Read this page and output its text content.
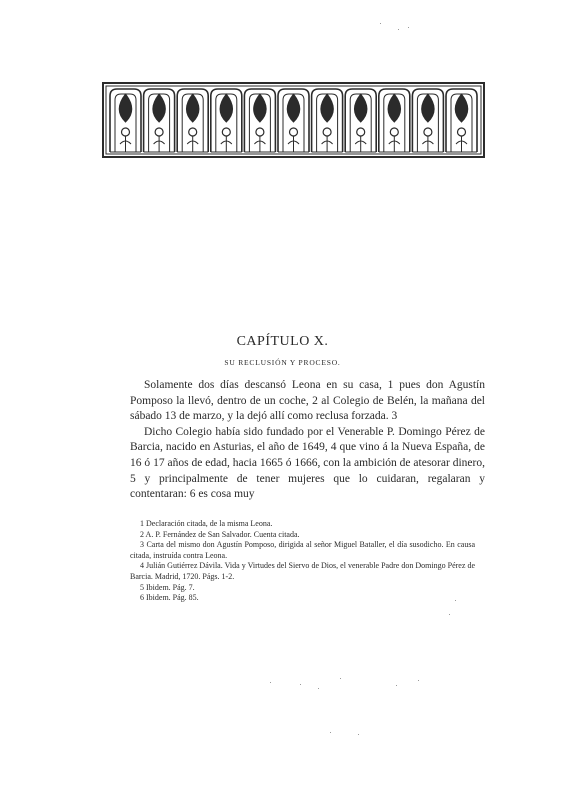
CAPÍTULO X.
SU RECLUSIÓN Y PROCESO.

Solamente dos días descansó Leona en su casa, 1 pues don Agustín Pomposo la llevó, dentro de un coche, 2 al Colegio de Belén, la mañana del sábado 13 de marzo, y la dejó allí como reclusa forzada. 3

Dicho Colegio había sido fundado por el Venerable P. Domingo Pérez de Barcia, nacido en Asturias, el año de 1649, 4 que vino á la Nueva España, de 16 ó 17 años de edad, hacia 1665 ó 1666, con la ambición de atesorar dinero, 5 y principalmente de tener mujeres que lo cuidaran, regalaran y contentaran: 6 es cosa muy

1 Declaración citada, de la misma Leona.

2 A. P. Fernández de San Salvador. Cuenta citada.

3 Carta del mismo don Agustín Pomposo, dirigida al señor Miguel Bataller, el día susodicho. En causa citada, instruída contra Leona.

4 Julián Gutiérrez Dávila. Vida y Virtudes del Siervo de Dios, el venerable Padre don Domingo Pérez de Barcia. Madrid, 1720. Págs. 1-2.

5 Ibidem. Pág. 7.

6 Ibidem. Pág. 85.
